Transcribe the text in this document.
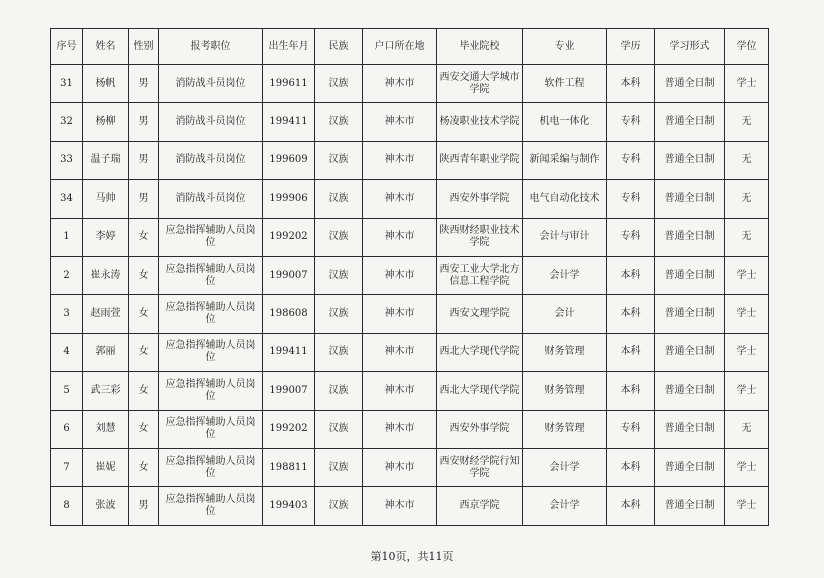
序号	姓名	性别	报考职位	出生年月	民族	户口所在地	毕业院校	专业	学历	学习形式	学位
31	杨帆	男	消防战斗员岗位	199611	汉族	神木市	西安交通大学城市学院	软件工程	本科	普通全日制	学士
32	杨柳	男	消防战斗员岗位	199411	汉族	神木市	杨凌职业技术学院	机电一体化	专科	普通全日制	无
33	温子瑞	男	消防战斗员岗位	199609	汉族	神木市	陕西青年职业学院	新闻采编与制作	专科	普通全日制	无
34	马帅	男	消防战斗员岗位	199906	汉族	神木市	西安外事学院	电气自动化技术	专科	普通全日制	无
1	李婷	女	应急指挥辅助人员岗位	199202	汉族	神木市	陕西财经职业技术学院	会计与审计	专科	普通全日制	无
2	崔永涛	女	应急指挥辅助人员岗位	199007	汉族	神木市	西安工业大学北方信息工程学院	会计学	本科	普通全日制	学士
3	赵雨萱	女	应急指挥辅助人员岗位	198608	汉族	神木市	西安文理学院	会计	本科	普通全日制	学士
4	郭丽	女	应急指挥辅助人员岗位	199411	汉族	神木市	西北大学现代学院	财务管理	本科	普通全日制	学士
5	武三彩	女	应急指挥辅助人员岗位	199007	汉族	神木市	西北大学现代学院	财务管理	本科	普通全日制	学士
6	刘慧	女	应急指挥辅助人员岗位	199202	汉族	神木市	西安外事学院	财务管理	专科	普通全日制	无
7	崔妮	女	应急指挥辅助人员岗位	198811	汉族	神木市	西安财经学院行知学院	会计学	本科	普通全日制	学士
8	张波	男	应急指挥辅助人员岗位	199403	汉族	神木市	西京学院	会计学	本科	普通全日制	学士
第10页，共11页
